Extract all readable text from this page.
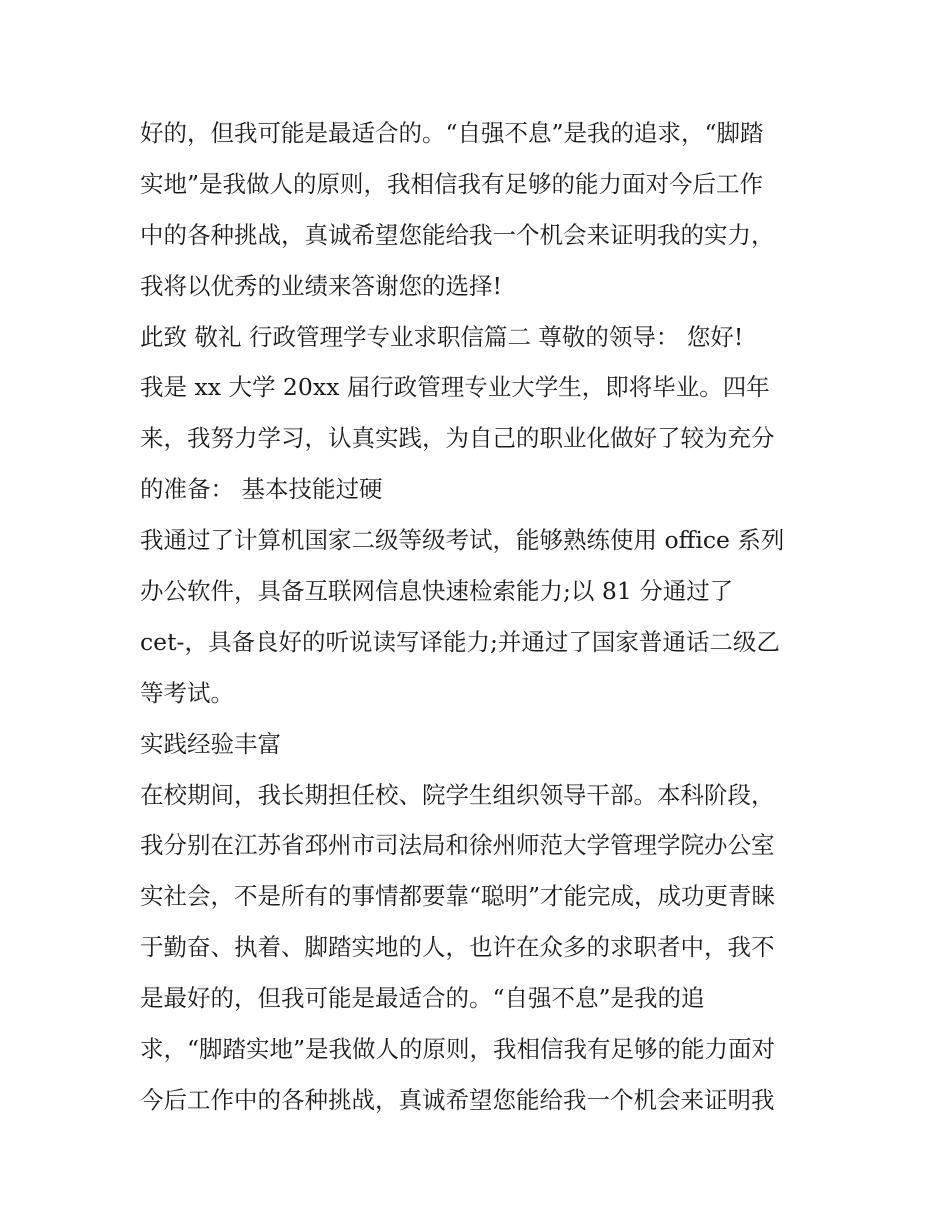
好的，但我可能是最适合的。“自强不息”是我的追求，“脚踏
实地”是我做人的原则，我相信我有足够的能力面对今后工作
中的各种挑战，真诚希望您能给我一个机会来证明我的实力，
我将以优秀的业绩来答谢您的选择!
此致 敬礼 行政管理学专业求职信篇二 尊敬的领导： 您好!
我是 xx 大学 20xx 届行政管理专业大学生，即将毕业。四年
来，我努力学习，认真实践，为自己的职业化做好了较为充分
的准备： 基本技能过硬
我通过了计算机国家二级等级考试，能够熟练使用 office 系列
办公软件，具备互联网信息快速检索能力;以 81 分通过了
cet-，具备良好的听说读写译能力;并通过了国家普通话二级乙
等考试。
实践经验丰富
在校期间，我长期担任校、院学生组织领导干部。本科阶段，
我分别在江苏省邳州市司法局和徐州师范大学管理学院办公室
实社会，不是所有的事情都要靠“聪明”才能完成，成功更青睐
于勤奋、执着、脚踏实地的人，也许在众多的求职者中，我不
是最好的，但我可能是最适合的。“自强不息”是我的追
求，“脚踏实地”是我做人的原则，我相信我有足够的能力面对
今后工作中的各种挑战，真诚希望您能给我一个机会来证明我
